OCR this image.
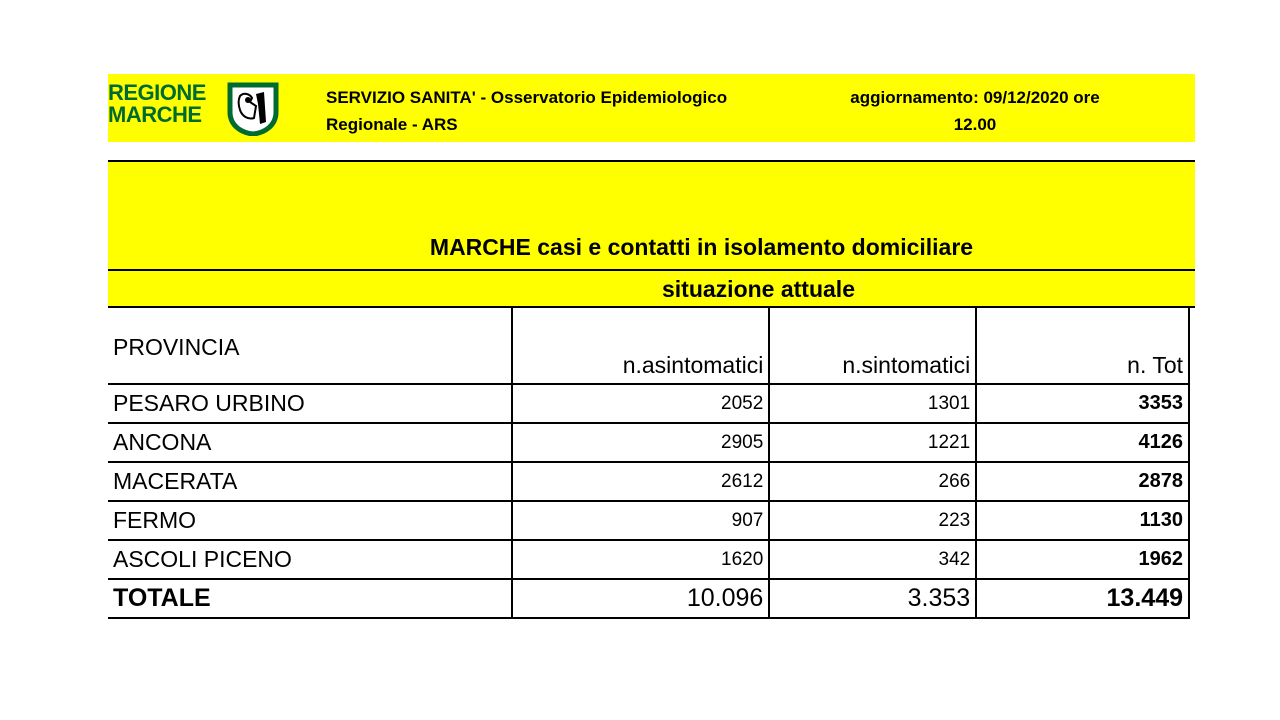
REGIONE
MARCHE
SERVIZIO SANITA' - Osservatorio Epidemiologico
Regionale - ARS
aggiornamento: 09/12/2020 ore
12.00
MARCHE casi e contatti in isolamento domiciliare
situazione attuale
PROVINCIA	n.asintomatici	n.sintomatici	n. Tot
PESARO URBINO	2052	1301	3353
ANCONA	2905	1221	4126
MACERATA	2612	266	2878
FERMO	907	223	1130
ASCOLI PICENO	1620	342	1962
TOTALE	10.096	3.353	13.449
